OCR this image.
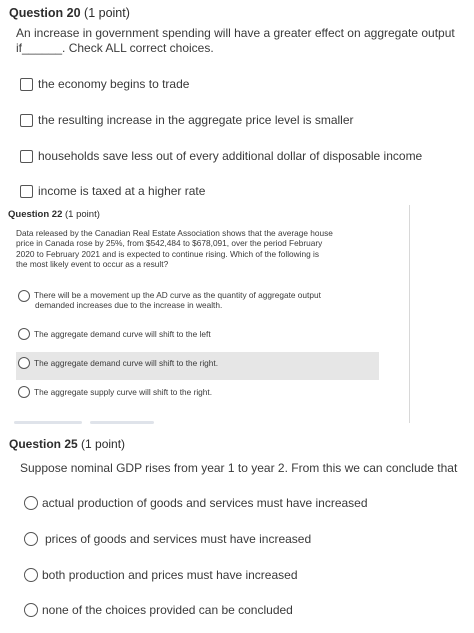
Question 20 (1 point)
An increase in government spending will have a greater effect on aggregate output
if______. Check ALL correct choices.
the economy begins to trade
the resulting increase in the aggregate price level is smaller
households save less out of every additional dollar of disposable income
income is taxed at a higher rate
Question 22 (1 point)
Data released by the Canadian Real Estate Association shows that the average house
price in Canada rose by 25%, from $542,484 to $678,091, over the period February
2020 to February 2021 and is expected to continue rising. Which of the following is
the most likely event to occur as a result?
There will be a movement up the AD curve as the quantity of aggregate output
demanded increases due to the increase in wealth.
The aggregate demand curve will shift to the left
The aggregate demand curve will shift to the right.
The aggregate supply curve will shift to the right.
Question 25 (1 point)
Suppose nominal GDP rises from year 1 to year 2. From this we can conclude that
actual production of goods and services must have increased
prices of goods and services must have increased
both production and prices must have increased
none of the choices provided can be concluded
